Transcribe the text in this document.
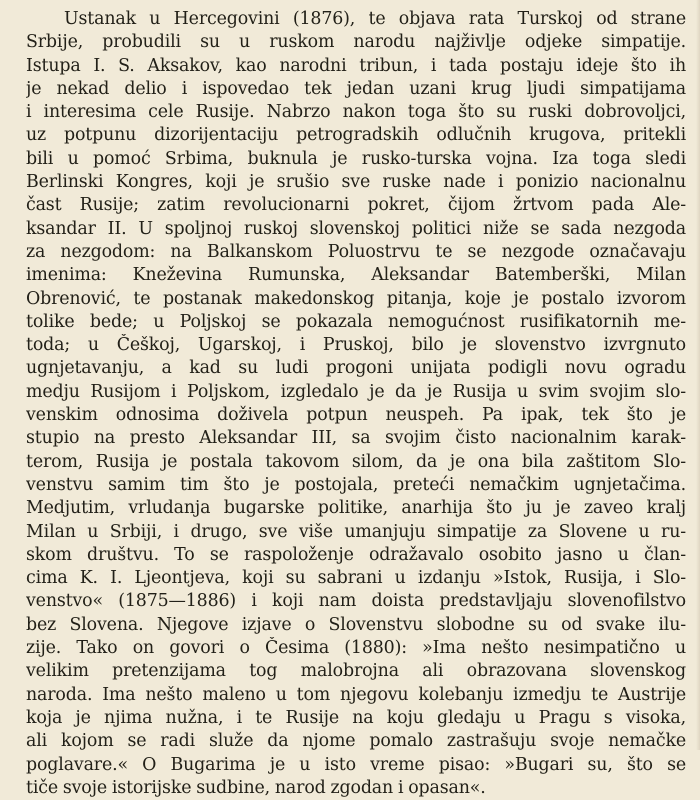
Ustanak u Hercegovini (1876), te objava rata Turskoj od strane
Srbije, probudili su u ruskom narodu najživlje odjeke simpatije.
Istupa I. S. Aksakov, kao narodni tribun, i tada postaju ideje što ih
je nekad delio i ispovedao tek jedan uzani krug ljudi simpatijama
i interesima cele Rusije. Nabrzo nakon toga što su ruski dobrovoljci,
uz potpunu dizorijentaciju petrogradskih odlučnih krugova, pritekli
bili u pomoć Srbima, buknula je rusko-turska vojna. Iza toga sledi
Berlinski Kongres, koji je srušio sve ruske nade i ponizio nacionalnu
čast Rusije; zatim revolucionarni pokret, čijom žrtvom pada Ale-
ksandar II. U spoljnoj ruskoj slovenskoj politici niže se sada nezgoda
za nezgodom: na Balkanskom Poluostrvu te se nezgode označavaju
imenima: Kneževina Rumunska, Aleksandar Batemberški, Milan
Obrenović, te postanak makedonskog pitanja, koje je postalo izvorom
tolike bede; u Poljskoj se pokazala nemogućnost rusifikatornih me-
toda; u Češkoj, Ugarskoj, i Pruskoj, bilo je slovenstvo izvrgnuto
ugnjetavanju, a kad su ludi progoni unijata podigli novu ogradu
medju Rusijom i Poljskom, izgledalo je da je Rusija u svim svojim slo-
venskim odnosima doživela potpun neuspeh. Pa ipak, tek što je
stupio na presto Aleksandar III, sa svojim čisto nacionalnim karak-
terom, Rusija je postala takovom silom, da je ona bila zaštitom Slo-
venstvu samim tim što je postojala, preteći nemačkim ugnjetačima.
Medjutim, vrludanja bugarske politike, anarhija što ju je zaveo kralj
Milan u Srbiji, i drugo, sve više umanjuju simpatije za Slovene u ru-
skom društvu. To se raspoloženje odražavalo osobito jasno u član-
cima K. I. Ljeontjeva, koji su sabrani u izdanju »Istok, Rusija, i Slo-
venstvo« (1875—1886) i koji nam doista predstavljaju slovenofilstvo
bez Slovena. Njegove izjave o Slovenstvu slobodne su od svake ilu-
zije. Tako on govori o Česima (1880): »Ima nešto nesimpatično u
velikim pretenzijama tog malobrojna ali obrazovana slovenskog
naroda. Ima nešto maleno u tom njegovu kolebanju izmedju te Austrije
koja je njima nužna, i te Rusije na koju gledaju u Pragu s visoka,
ali kojom se radi služe da njome pomalo zastrašuju svoje nemačke
poglavare.« O Bugarima je u isto vreme pisao: »Bugari su, što se
tiče svoje istorijske sudbine, narod zgodan i opasan«.
